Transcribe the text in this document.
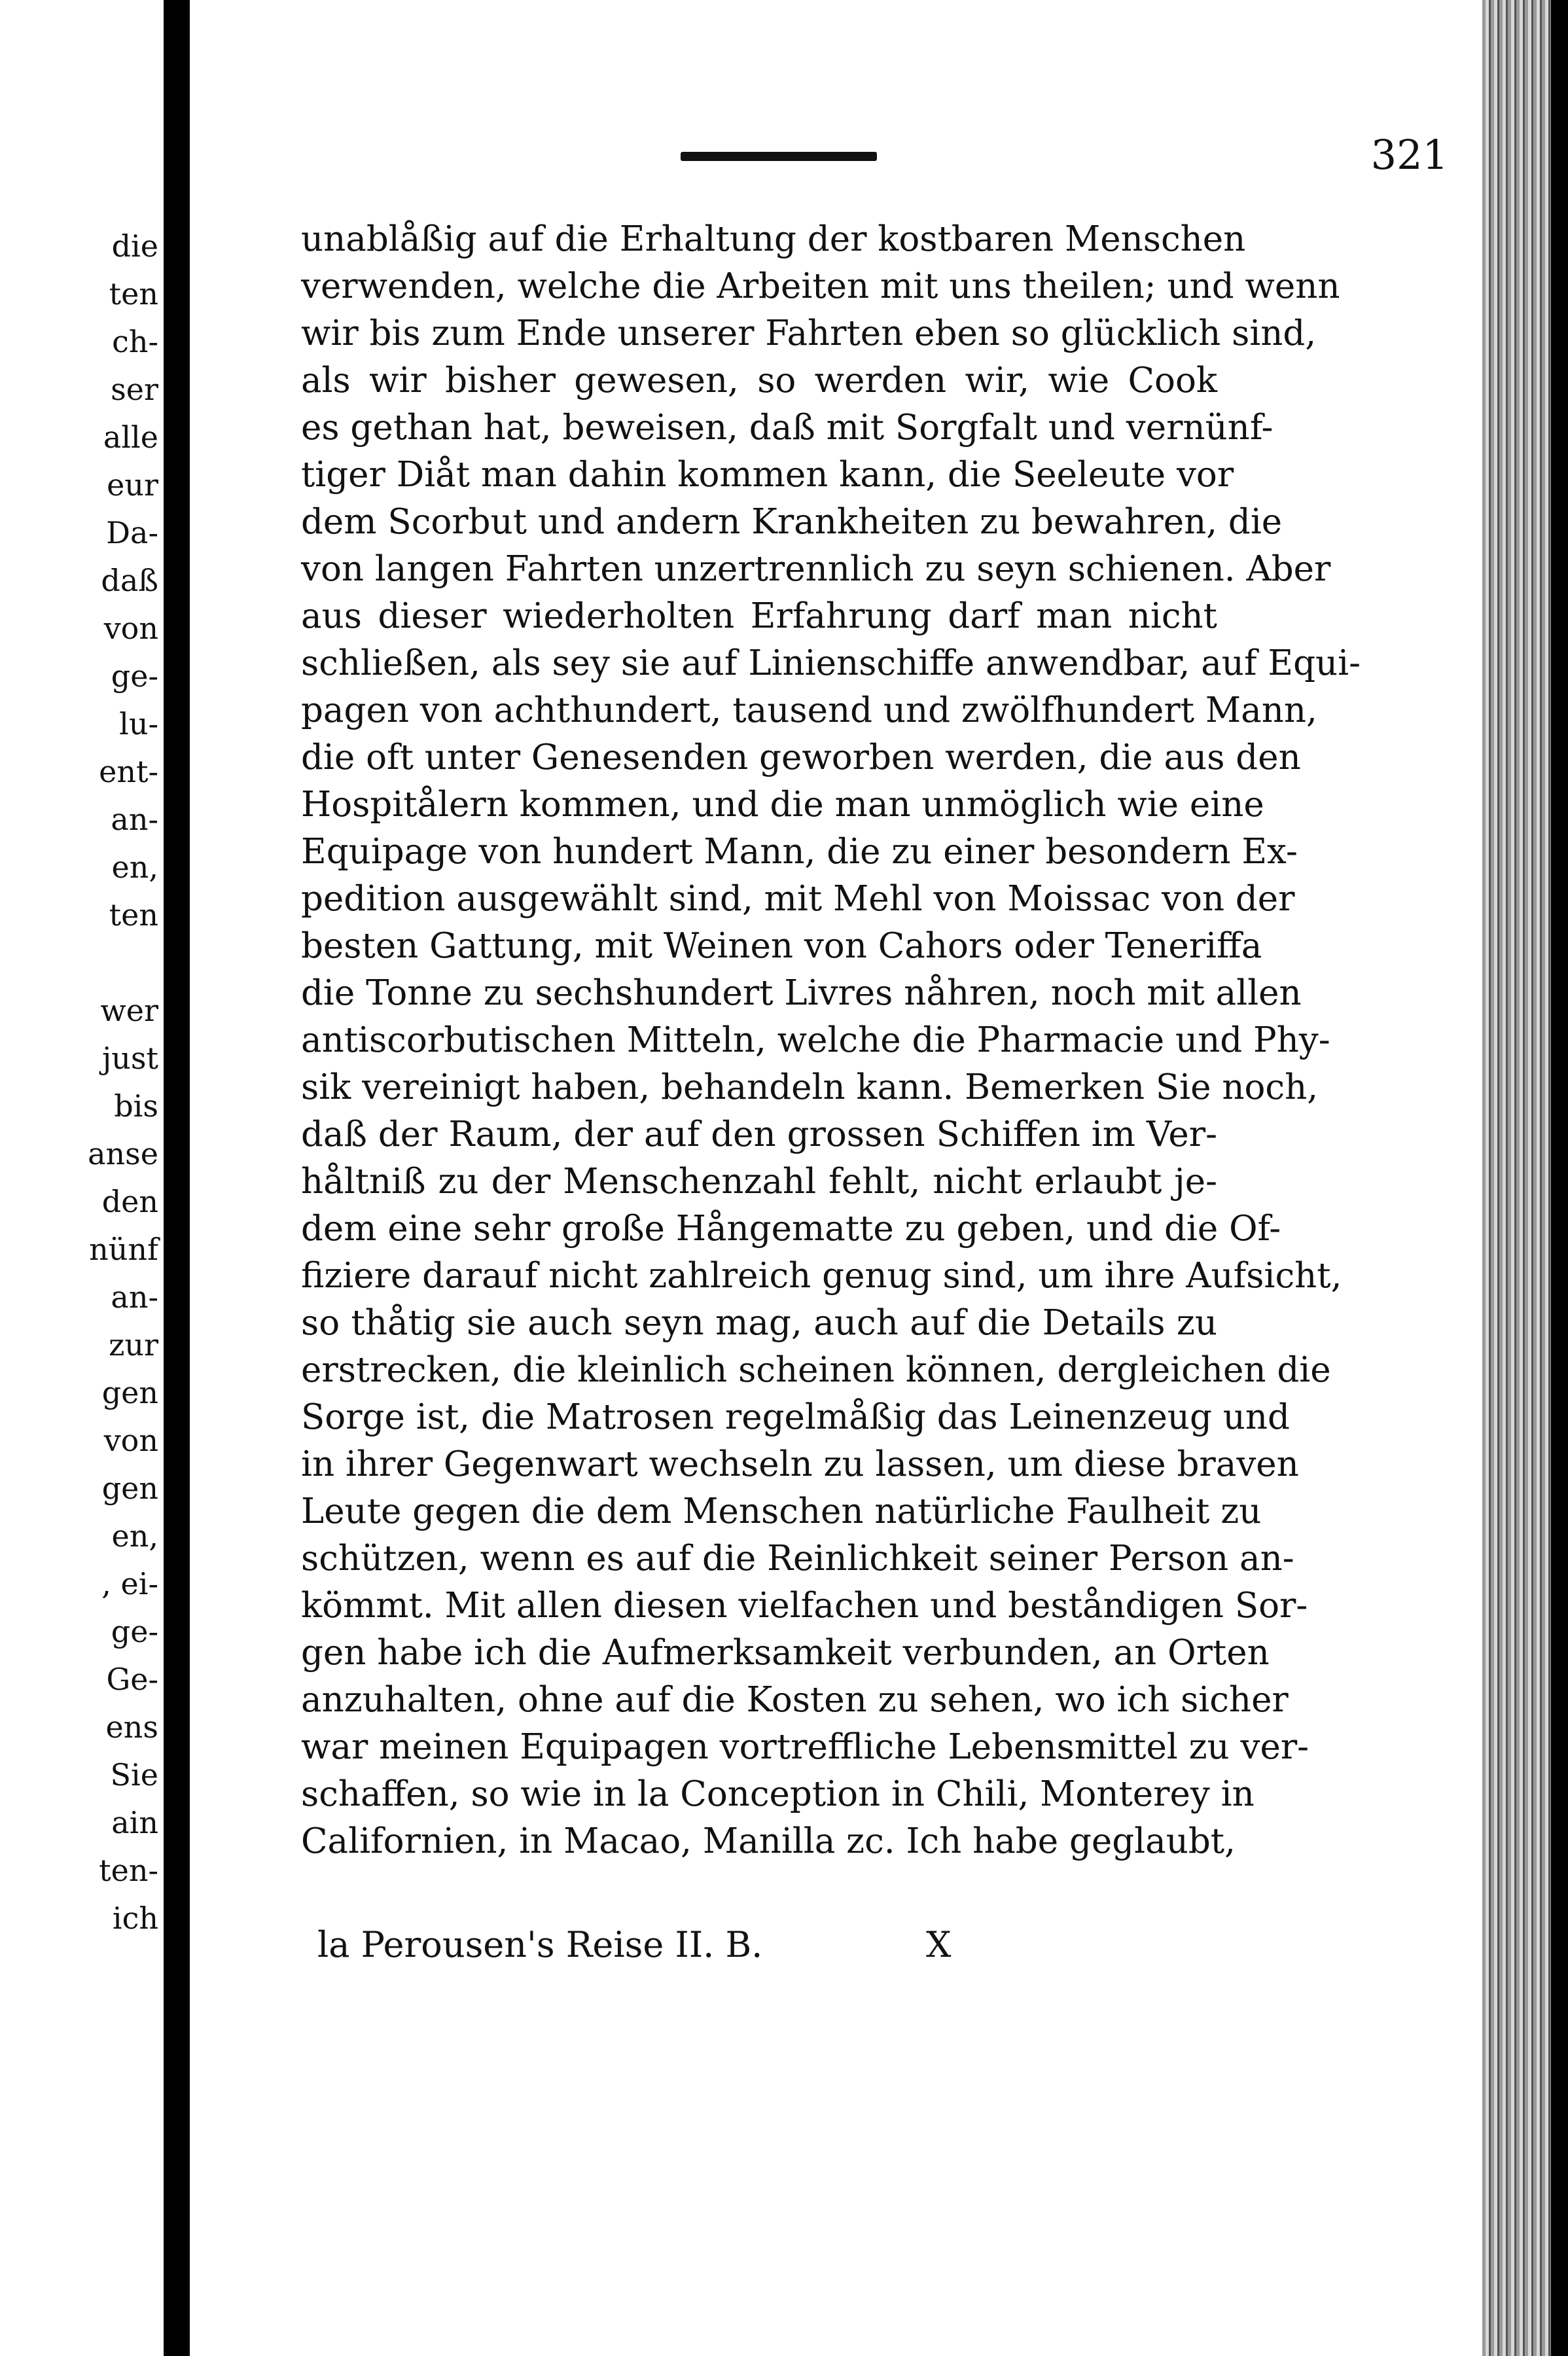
die
ten
ch-
ser
alle
eur
Da-
daß
von
ge-
lu-
ent-
an-
en,
ten
wer
just
bis
anse
den
nünf
an-
zur
gen
von
gen
en,
, ei-
ge-
Ge-
ens
Sie
ain
ten-
ich
321
unablåßig auf die Erhaltung der kostbaren Menschen
verwenden, welche die Arbeiten mit uns theilen; und wenn
wir bis zum Ende unserer Fahrten eben so glücklich sind,
als wir bisher gewesen, so werden wir, wie Cook
es gethan hat, beweisen, daß mit Sorgfalt und vernünf-
tiger Diåt man dahin kommen kann, die Seeleute vor
dem Scorbut und andern Krankheiten zu bewahren, die
von langen Fahrten unzertrennlich zu seyn schienen. Aber
aus dieser wiederholten Erfahrung darf man nicht
schließen, als sey sie auf Linienschiffe anwendbar, auf Equi-
pagen von achthundert, tausend und zwölfhundert Mann,
die oft unter Genesenden geworben werden, die aus den
Hospitålern kommen, und die man unmöglich wie eine
Equipage von hundert Mann, die zu einer besondern Ex-
pedition ausgewählt sind, mit Mehl von Moissac von der
besten Gattung, mit Weinen von Cahors oder Teneriffa
die Tonne zu sechshundert Livres nåhren, noch mit allen
antiscorbutischen Mitteln, welche die Pharmacie und Phy-
sik vereinigt haben, behandeln kann. Bemerken Sie noch,
daß der Raum, der auf den grossen Schiffen im Ver-
håltniß zu der Menschenzahl fehlt, nicht erlaubt je-
dem eine sehr große Hångematte zu geben, und die Of-
fiziere darauf nicht zahlreich genug sind, um ihre Aufsicht,
so thåtig sie auch seyn mag, auch auf die Details zu
erstrecken, die kleinlich scheinen können, dergleichen die
Sorge ist, die Matrosen regelmåßig das Leinenzeug und
in ihrer Gegenwart wechseln zu lassen, um diese braven
Leute gegen die dem Menschen natürliche Faulheit zu
schützen, wenn es auf die Reinlichkeit seiner Person an-
kömmt. Mit allen diesen vielfachen und beståndigen Sor-
gen habe ich die Aufmerksamkeit verbunden, an Orten
anzuhalten, ohne auf die Kosten zu sehen, wo ich sicher
war meinen Equipagen vortreffliche Lebensmittel zu ver-
schaffen, so wie in la Conception in Chili, Monterey in
Californien, in Macao, Manilla zc. Ich habe geglaubt,
la Perousen's Reise II. B.	X
